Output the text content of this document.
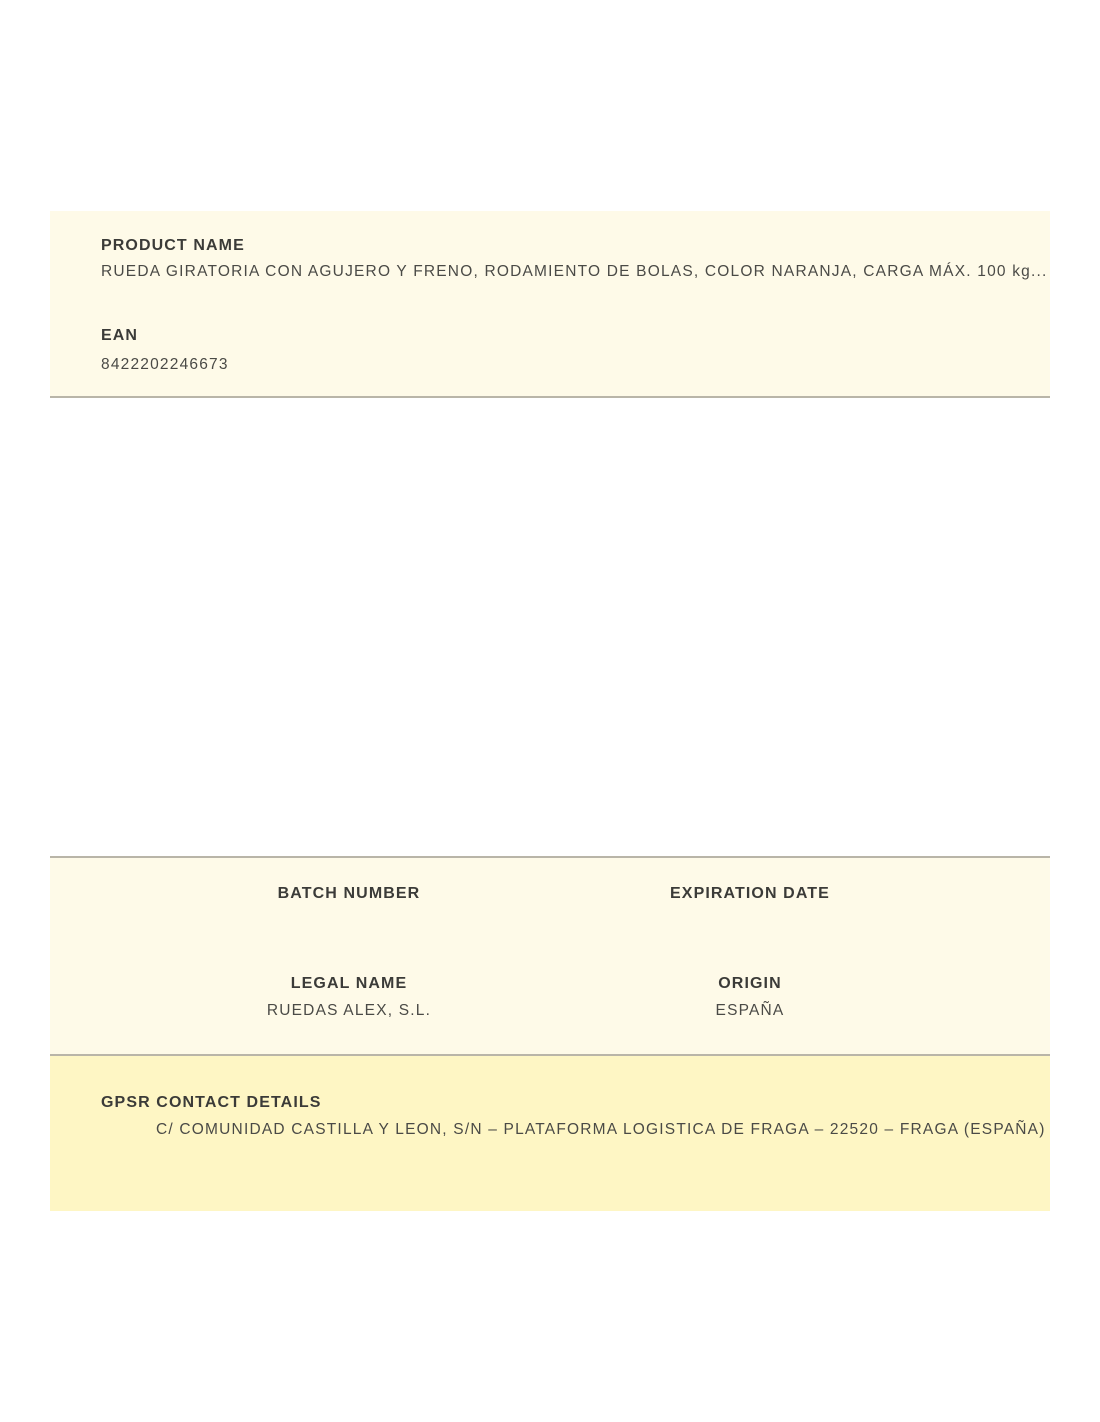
PRODUCT NAME
RUEDA GIRATORIA CON AGUJERO Y FRENO, RODAMIENTO DE BOLAS, COLOR NARANJA, CARGA MÁX. 100 kg...
EAN
8422202246673
BATCH NUMBER	EXPIRATION DATE
LEGAL NAME
RUEDAS ALEX, S.L.
ORIGIN
ESPAÑA
GPSR CONTACT DETAILS
C/ COMUNIDAD CASTILLA Y LEON, S/N – PLATAFORMA LOGISTICA DE FRAGA – 22520 – FRAGA (ESPAÑA)
